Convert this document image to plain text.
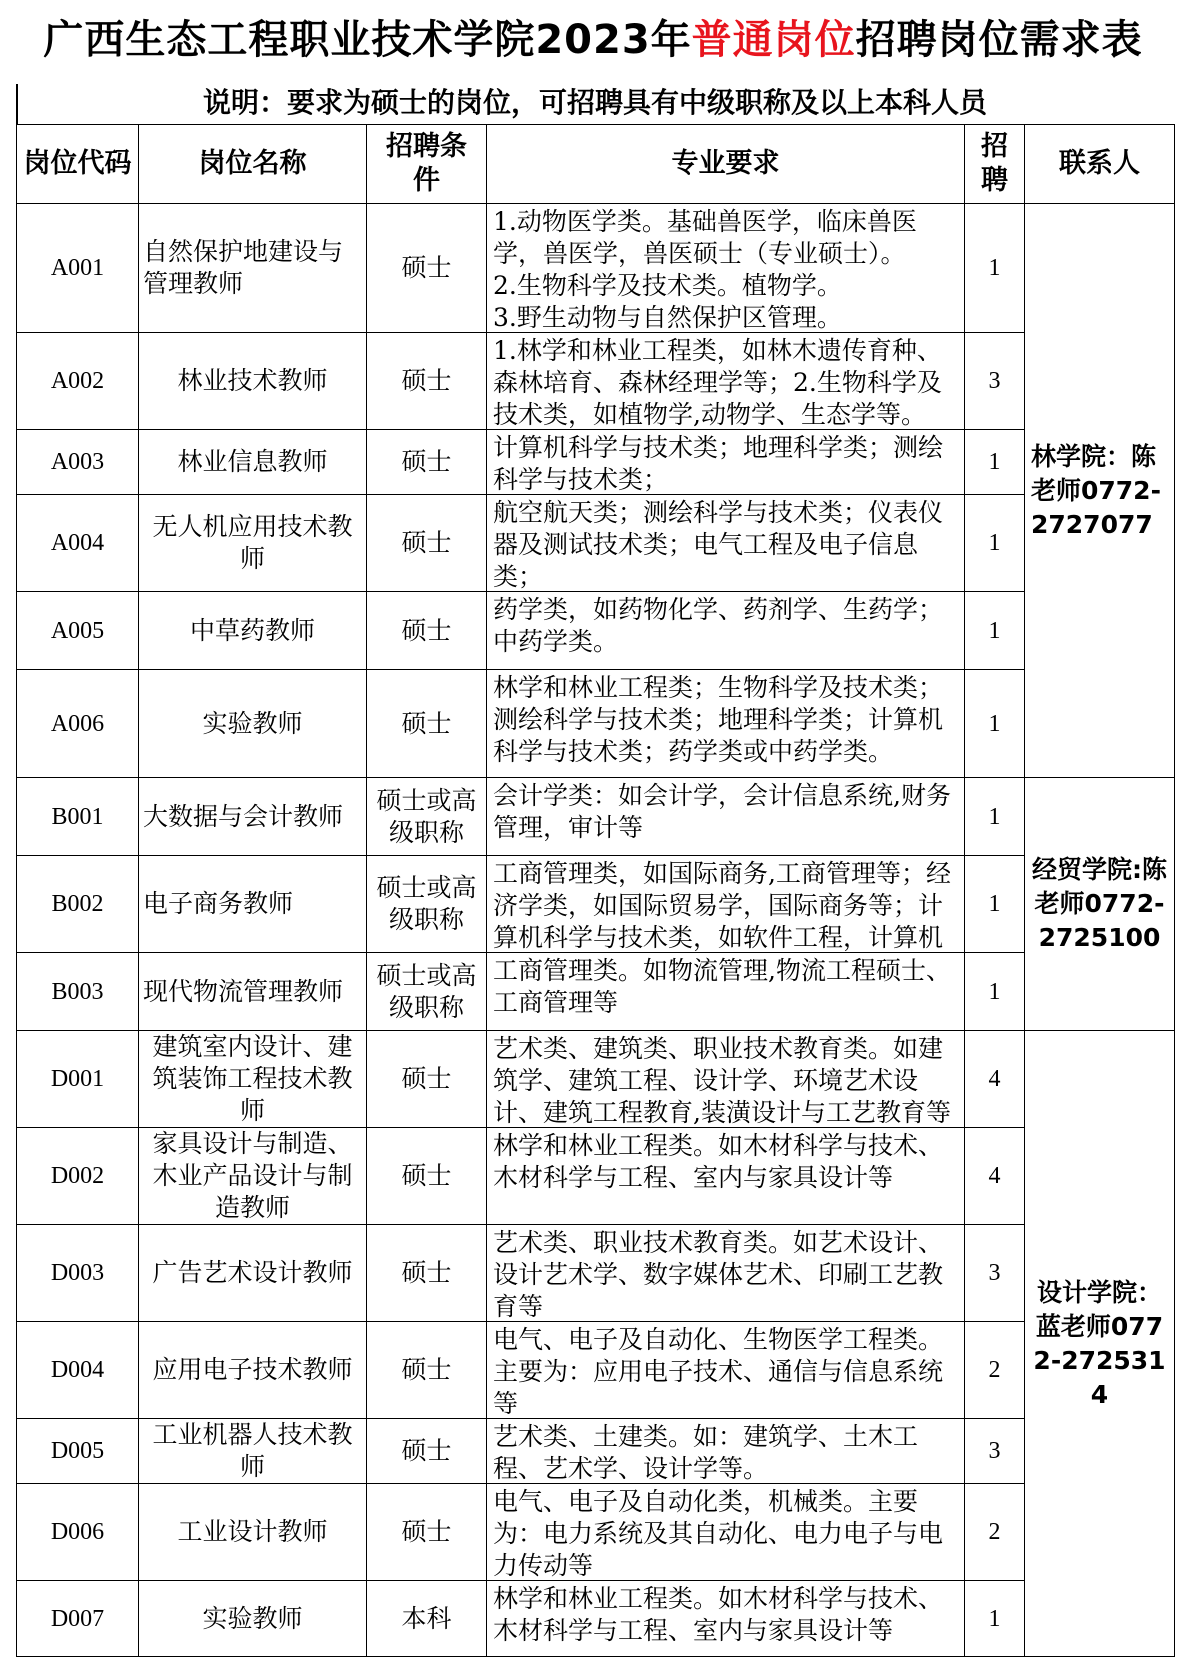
广西生态工程职业技术学院2023年普通岗位招聘岗位需求表
说明：要求为硕士的岗位，可招聘具有中级职称及以上本科人员
岗位代码	岗位名称	招聘条件	专业要求	招聘	联系人
A001	自然保护地建设与管理教师	硕士	1.动物医学类。基础兽医学，临床兽医学，兽医学，兽医硕士（专业硕士）。
2.生物科学及技术类。植物学。
3.野生动物与自然保护区管理。	1	林学院：陈老师0772-2727077
A002	林业技术教师	硕士	1.林学和林业工程类，如林木遗传育种、森林培育、森林经理学等；2.生物科学及技术类，如植物学,动物学、生态学等。	3	
A003	林业信息教师	硕士	计算机科学与技术类；地理科学类；测绘科学与技术类；	1	
A004	无人机应用技术教师	硕士	航空航天类；测绘科学与技术类；仪表仪器及测试技术类；电气工程及电子信息类；	1	
A005	中草药教师	硕士	药学类，如药物化学、药剂学、生药学；中药学类。	1	
A006	实验教师	硕士	林学和林业工程类；生物科学及技术类；测绘科学与技术类；地理科学类；计算机科学与技术类；药学类或中药学类。	1	
B001	大数据与会计教师	硕士或高级职称	会计学类：如会计学，会计信息系统,财务管理，审计等	1	经贸学院:陈老师0772-2725100
B002	电子商务教师	硕士或高级职称	工商管理类，如国际商务,工商管理等；经济学类，如国际贸易学，国际商务等；计算机科学与技术类，如软件工程，计算机	1	
B003	现代物流管理教师	硕士或高级职称	工商管理类。如物流管理,物流工程硕士、工商管理等	1	
D001	建筑室内设计、建筑装饰工程技术教师	硕士	艺术类、建筑类、职业技术教育类。如建筑学、建筑工程、设计学、环境艺术设计、建筑工程教育,装潢设计与工艺教育等	4	设计学院：蓝老师0772-2725314
D002	家具设计与制造、木业产品设计与制造教师	硕士	林学和林业工程类。如木材科学与技术、木材科学与工程、室内与家具设计等	4	
D003	广告艺术设计教师	硕士	艺术类、职业技术教育类。如艺术设计、设计艺术学、数字媒体艺术、印刷工艺教育等	3	
D004	应用电子技术教师	硕士	电气、电子及自动化、生物医学工程类。主要为：应用电子技术、通信与信息系统等	2	
D005	工业机器人技术教师	硕士	艺术类、土建类。如：建筑学、土木工程、艺术学、设计学等。	3	
D006	工业设计教师	硕士	电气、电子及自动化类，机械类。主要为：电力系统及其自动化、电力电子与电力传动等	2	
D007	实验教师	本科	林学和林业工程类。如木材科学与技术、木材科学与工程、室内与家具设计等	1	
